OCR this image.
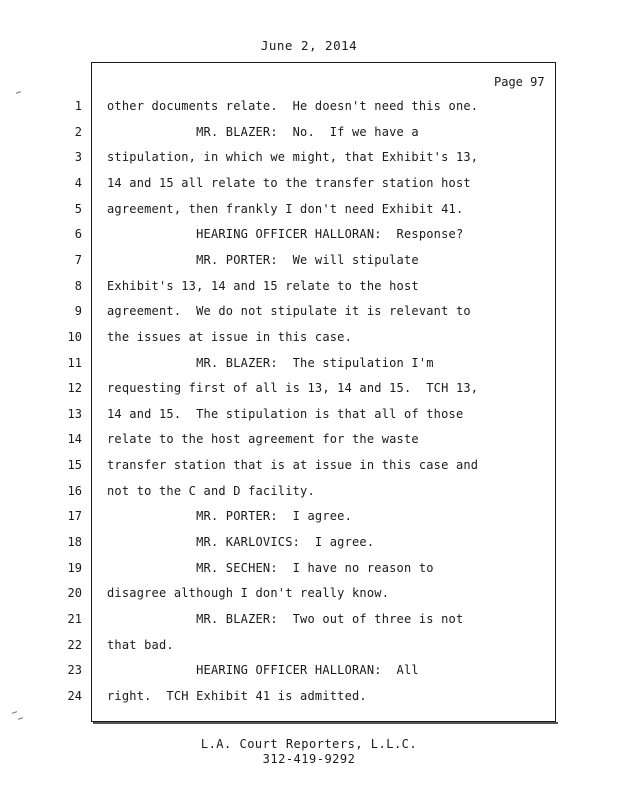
June 2, 2014
Page 97
1 other documents relate.  He doesn't need this one.
2 MR. BLAZER:  No.  If we have a
3 stipulation, in which we might, that Exhibit's 13,
4 14 and 15 all relate to the transfer station host
5 agreement, then frankly I don't need Exhibit 41.
6 HEARING OFFICER HALLORAN:  Response?
7 MR. PORTER:  We will stipulate
8 Exhibit's 13, 14 and 15 relate to the host
9 agreement.  We do not stipulate it is relevant to
10 the issues at issue in this case.
11 MR. BLAZER:  The stipulation I'm
12 requesting first of all is 13, 14 and 15.  TCH 13,
13 14 and 15.  The stipulation is that all of those
14 relate to the host agreement for the waste
15 transfer station that is at issue in this case and
16 not to the C and D facility.
17 MR. PORTER:  I agree.
18 MR. KARLOVICS:  I agree.
19 MR. SECHEN:  I have no reason to
20 disagree although I don't really know.
21 MR. BLAZER:  Two out of three is not
22 that bad.
23 HEARING OFFICER HALLORAN:  All
24 right.  TCH Exhibit 41 is admitted.
L.A. Court Reporters, L.L.C.
312-419-9292
